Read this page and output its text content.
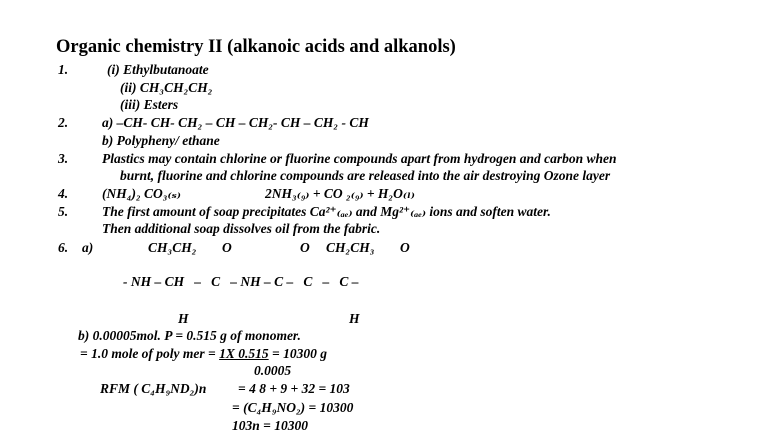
Organic chemistry II (alkanoic acids and alkanols)
1.	(i) Ethylbutanoate
(ii) CH₃CH₂CH₂
(iii) Esters
2.	a) –CH- CH- CH₂ – CH – CH₂- CH – CH₂ - CH
b) Polypheny/ ethane
3.	Plastics may contain chlorine or fluorine compounds apart from hydrogen and carbon when
burnt, fluorine and chlorine compounds are released into the air destroying Ozone layer
4.	(NH₄)₂ CO₃₍ₛ₎	2NH₃₍₉₎ + CO ₂₍₉₎ + H₂O₍ₗ₎
5.	The first amount of soap precipitates Ca²⁺₍ₐₑ₎ and Mg²⁺₍ₐₑ₎ ions and soften water.
Then additional soap dissolves oil from the fabric.
6. a)	CH₃CH₂ O	O CH₂CH₃ O
- NH – CH   –   C   – NH – C –   C   –   C –
H	H
b) 0.00005mol. P = 0.515 g of monomer.
= 1.0 mole of poly mer = 1X 0.515 = 10300 g
0.0005
RFM ( C₄H₉ND₂)n = 4 8 + 9 + 32 = 103
= (C₄H₉NO₂) = 10300
103n = 10300
